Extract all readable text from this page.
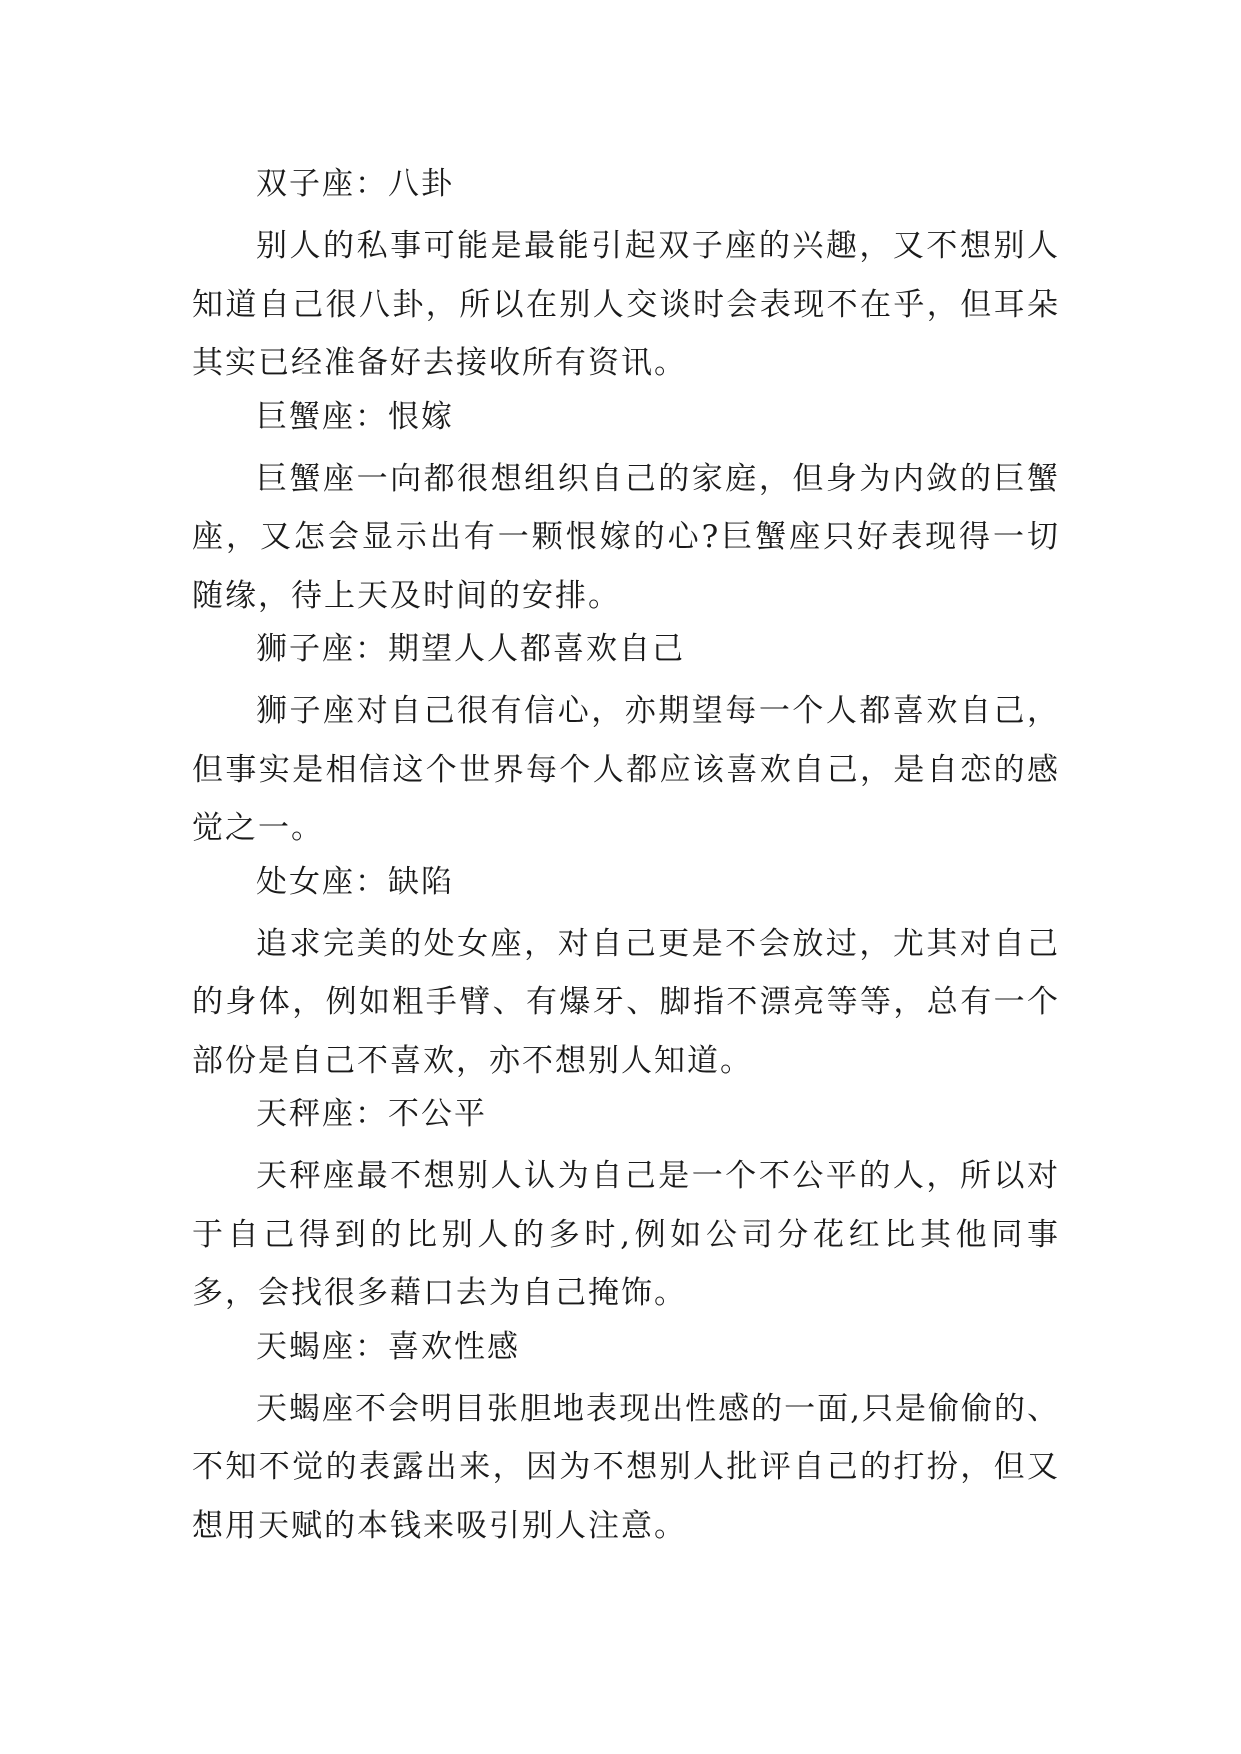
双子座：八卦

别人的私事可能是最能引起双子座的兴趣，又不想别人知道自己很八卦，所以在别人交谈时会表现不在乎，但耳朵其实已经准备好去接收所有资讯。

巨蟹座：恨嫁

巨蟹座一向都很想组织自己的家庭，但身为内敛的巨蟹座，又怎会显示出有一颗恨嫁的心?巨蟹座只好表现得一切随缘，待上天及时间的安排。

狮子座：期望人人都喜欢自己

狮子座对自己很有信心，亦期望每一个人都喜欢自己，但事实是相信这个世界每个人都应该喜欢自己，是自恋的感觉之一。

处女座：缺陷

追求完美的处女座，对自己更是不会放过，尤其对自己的身体，例如粗手臂、有爆牙、脚指不漂亮等等，总有一个部份是自己不喜欢，亦不想别人知道。

天秤座：不公平

天秤座最不想别人认为自己是一个不公平的人，所以对于自己得到的比别人的多时,例如公司分花红比其他同事多，会找很多藉口去为自己掩饰。

天蝎座：喜欢性感

天蝎座不会明目张胆地表现出性感的一面,只是偷偷的、不知不觉的表露出来，因为不想别人批评自己的打扮，但又想用天赋的本钱来吸引别人注意。
